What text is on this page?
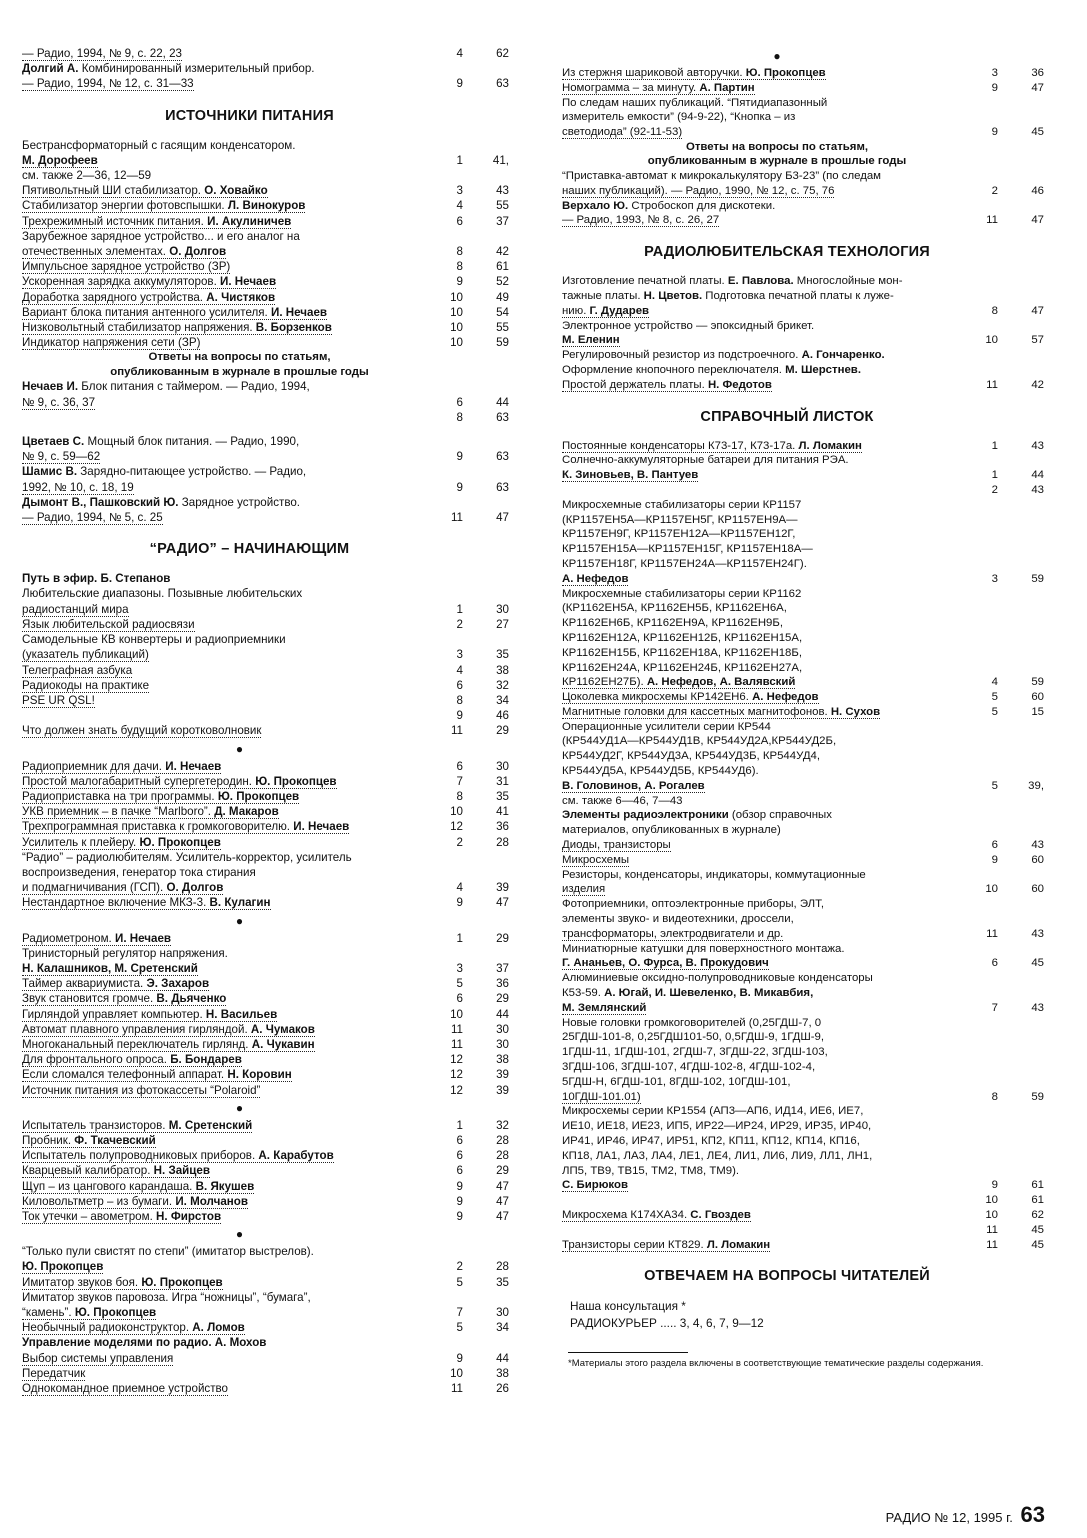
— Радио, 1994, № 9, с. 22, 23	4	62
Долгий А. Комбинированный измерительный прибор.
— Радио, 1994, № 12, с. 31—33	9	63
ИСТОЧНИКИ ПИТАНИЯ
Бестрансформаторный с гасящим конденсатором.
М. Дорофеев	1	41,
см. также 2—36, 12—59
Пятивольтный ШИ стабилизатор. О. Ховайко	3	43
Стабилизатор энергии фотовспышки. Л. Винокуров	4	55
Трехрежимный источник питания. И. Акулиничев	6	37
Зарубежное зарядное устройство... и его аналог на
отечественных элементах. О. Долгов	8	42
Импульсное зарядное устройство (ЗР)	8	61
Ускоренная зарядка аккумуляторов. И. Нечаев	9	52
Доработка зарядного устройства. А. Чистяков	10	49
Вариант блока питания антенного усилителя. И. Нечаев	10	54
Низковольтный стабилизатор напряжения. В. Борзенков	10	55
Индикатор напряжения сети (ЗР)	10	59
Ответы на вопросы по статьям,
опубликованным в журнале в прошлые годы
Нечаев И. Блок питания с таймером. — Радио, 1994,
№ 9, с. 36, 37	6	44

8	63
Цветаев С. Мощный блок питания. — Радио, 1990,
№ 9, с. 59—62	9	63
Шамис В. Зарядно-питающее устройство. — Радио,
1992, № 10, с. 18, 19	9	63
Дымонт В., Пашковский Ю. Зарядное устройство.
— Радио, 1994, № 5, с. 25	11	47
“РАДИО” – НАЧИНАЮЩИМ
Путь в эфир. Б. Степанов
Любительские диапазоны. Позывные любительских
радиостанций мира	1	30
Язык любительской радиосвязи	2	27
Самодельные КВ конвертеры и радиоприемники
(указатель публикаций)	3	35
Телеграфная азбука	4	38
Радиокоды на практике	6	32
PSE UR QSL!	8	34

9	46
Что должен знать будущий коротковолновик	11	29
●
Радиоприемник для дачи. И. Нечаев	6	30
Простой малогабаритный супергетеродин. Ю. Прокопцев	7	31
Радиоприставка на три программы. Ю. Прокопцев	8	35
УКВ приемник – в пачке “Marlboro”. Д. Макаров	10	41
Трехпрограммная приставка к громкоговорителю. И. Нечаев	12	36
Усилитель к плейеру. Ю. Прокопцев	2	28
“Радио” – радиолюбителям. Усилитель-корректор, усилитель
воспроизведения, генератор тока стирания
и подмагничивания (ГСП). О. Долгов	4	39
Нестандартное включение МКЗ-3. В. Кулагин	9	47
●
Радиометроном. И. Нечаев	1	29
Тринисторный регулятор напряжения.
Н. Калашников, М. Сретенский	3	37
Таймер аквариумиста. Э. Захаров	5	36
Звук становится громче. В. Дьяченко	6	29
Гирляндой управляет компьютер. Н. Васильев	10	44
Автомат плавного управления гирляндой. А. Чумаков	11	30
Многоканальный переключатель гирлянд. А. Чукавин	11	30
Для фронтального опроса. Б. Бондарев	12	38
Если сломался телефонный аппарат. Н. Коровин	12	39
Источник питания из фотокассеты “Polaroid”	12	39
●
Испытатель транзисторов. М. Сретенский	1	32
Пробник. Ф. Ткачевский	6	28
Испытатель полупроводниковых приборов. А. Карабутов	6	28
Кварцевый калибратор. Н. Зайцев	6	29
Щуп – из цангового карандаша. В. Якушев	9	47
Киловольтметр – из бумаги. И. Молчанов	9	47
Ток утечки – авометром. Н. Фирстов	9	47
●
“Только пули свистят по степи” (имитатор выстрелов).
Ю. Прокопцев	2	28
Имитатор звуков боя. Ю. Прокопцев	5	35
Имитатор звуков паровоза. Игра “ножницы”, “бумага”,
“камень”. Ю. Прокопцев	7	30
Необычный радиоконструктор. А. Ломов	5	34
Управление моделями по радио. А. Мохов
Выбор системы управления	9	44
Передатчик	10	38
Однокомандное приемное устройство	11	26
●
Из стержня шариковой авторучки. Ю. Прокопцев	3	36
Номограмма – за минуту. А. Партин	9	47
По следам наших публикаций. “Пятидиапазонный
измеритель емкости” (94-9-22), “Кнопка – из
светодиода” (92-11-53)	9	45
Ответы на вопросы по статьям,
опубликованным в журнале в прошлые годы
“Приставка-автомат к микрокалькулятору Б3-23” (по следам
наших публикаций). — Радио, 1990, № 12, с. 75, 76	2	46
Верхало Ю. Стробоскоп для дискотеки.
— Радио, 1993, № 8, с. 26, 27	11	47
РАДИОЛЮБИТЕЛЬСКАЯ ТЕХНОЛОГИЯ
Изготовление печатной платы. Е. Павлова. Многослойные мон-
тажные платы. Н. Цветов. Подготовка печатной платы к луже-
нию. Г. Дударев	8	47
Электронное устройство — эпоксидный брикет.
М. Еленин	10	57
Регулировочный резистор из подстроечного. А. Гончаренко.
Оформление кнопочного переключателя. М. Шерстнев.
Простой держатель платы. Н. Федотов	11	42
СПРАВОЧНЫЙ ЛИСТОК
Постоянные конденсаторы К73-17, К73-17а. Л. Ломакин	1	43
Солнечно-аккумуляторные батареи для питания РЭА.
К. Зиновьев, В. Пантуев	1	44

2	43
Микросхемные стабилизаторы серии КР1157
(КР1157ЕН5А—КР1157ЕН5Г, КР1157ЕН9А—
КР1157ЕН9Г, КР1157ЕН12А—КР1157ЕН12Г,
КР1157ЕН15А—КР1157ЕН15Г, КР1157ЕН18А—
КР1157ЕН18Г, КР1157ЕН24А—КР1157ЕН24Г).
А. Нефедов	3	59
Микросхемные стабилизаторы серии КР1162
(КР1162ЕН5А, КР1162ЕН5Б, КР1162ЕН6А,
КР1162ЕН6Б, КР1162ЕН9А, КР1162ЕН9Б,
КР1162ЕН12А, КР1162ЕН12Б, КР1162ЕН15А,
КР1162ЕН15Б, КР1162ЕН18А, КР1162ЕН18Б,
КР1162ЕН24А, КР1162ЕН24Б, КР1162ЕН27А,
КР1162ЕН27Б). А. Нефедов, А. Валявский	4	59
Цоколевка микросхемы КР142ЕН6. А. Нефедов	5	60
Магнитные головки для кассетных магнитофонов. Н. Сухов	5	15
Операционные усилители серии КР544
(КР544УД1А—КР544УД1В, КР544УД2А,КР544УД2Б,
КР544УД2Г, КР544УД3А, КР544УД3Б, КР544УД4,
КР544УД5А, КР544УД5Б, КР544УД6).
В. Головинов, А. Рогалев	5	39,
см. также 6—46, 7—43
Элементы радиоэлектроники (обзор справочных
материалов, опубликованных в журнале)
Диоды, транзисторы	6	43
Микросхемы	9	60
Резисторы, конденсаторы, индикаторы, коммутационные
изделия	10	60
Фотоприемники, оптоэлектронные приборы, ЭЛТ,
элементы звуко- и видеотехники, дроссели,
трансформаторы, электродвигатели и др.	11	43
Миниатюрные катушки для поверхностного монтажа.
Г. Ананьев, О. Фурса, В. Прокудович	6	45
Алюминиевые оксидно-полупроводниковые конденсаторы
К53-59. А. Югай, И. Шевеленко, В. Микавбия,
М. Землянский	7	43
Новые головки громкоговорителей (0,25ГДШ-7, 0
25ГДШ-101-8, 0,25ГДШ101-50, 0,5ГДШ-9, 1ГДШ-9,
1ГДШ-11, 1ГДШ-101, 2ГДШ-7, 3ГДШ-22, 3ГДШ-103,
3ГДШ-106, 3ГДШ-107, 4ГДШ-102-8, 4ГДШ-102-4,
5ГДШ-Н, 6ГДШ-101, 8ГДШ-102, 10ГДШ-101,
10ГДШ-101.01)	8	59
Микросхемы серии КР1554 (АП3—АП6, ИД14, ИЕ6, ИЕ7,
ИЕ10, ИЕ18, ИЕ23, ИП5, ИР22—ИР24, ИР29, ИР35, ИР40,
ИР41, ИР46, ИР47, ИР51, КП2, КП11, КП12, КП14, КП16,
КП18, ЛА1, ЛА3, ЛА4, ЛЕ1, ЛЕ4, ЛИ1, ЛИ6, ЛИ9, ЛЛ1, ЛН1,
ЛП5, ТВ9, ТВ15, ТМ2, ТМ8, ТМ9).
С. Бирюков	9	61

10	61
Микросхема К174ХА34. С. Гвоздев	10	62

11	45
Транзисторы серии КТ829. Л. Ломакин	11	45
ОТВЕЧАЕМ НА ВОПРОСЫ ЧИТАТЕЛЕЙ
Наша консультация *
РАДИОКУРЬЕР ..... 3, 4, 6, 7, 9—12
*Материалы этого раздела включены в соответствующие тематические разделы содержания.
РАДИО № 12, 1995 г. 63
